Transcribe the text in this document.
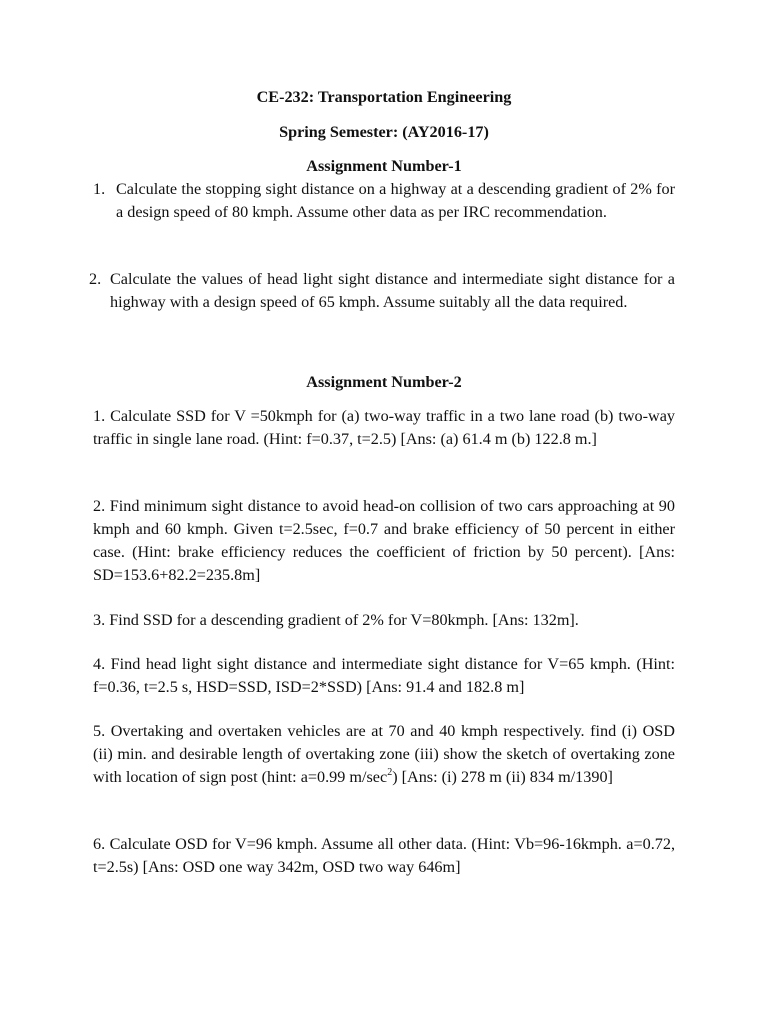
CE-232: Transportation Engineering
Spring Semester: (AY2016-17)
Assignment Number-1
1. Calculate the stopping sight distance on a highway at a descending gradient of 2% for a design speed of 80 kmph. Assume other data as per IRC recommendation.
2. Calculate the values of head light sight distance and intermediate sight distance for a highway with a design speed of 65 kmph. Assume suitably all the data required.
Assignment Number-2
1. Calculate SSD for V =50kmph for (a) two-way traffic in a two lane road (b) two-way traffic in single lane road. (Hint: f=0.37, t=2.5) [Ans: (a) 61.4 m (b) 122.8 m.]
2. Find minimum sight distance to avoid head-on collision of two cars approaching at 90 kmph and 60 kmph. Given t=2.5sec, f=0.7 and brake efficiency of 50 percent in either case. (Hint: brake efficiency reduces the coefficient of friction by 50 percent). [Ans: SD=153.6+82.2=235.8m]
3. Find SSD for a descending gradient of 2% for V=80kmph. [Ans: 132m].
4. Find head light sight distance and intermediate sight distance for V=65 kmph. (Hint: f=0.36, t=2.5 s, HSD=SSD, ISD=2*SSD) [Ans: 91.4 and 182.8 m]
5. Overtaking and overtaken vehicles are at 70 and 40 kmph respectively. find (i) OSD (ii) min. and desirable length of overtaking zone (iii) show the sketch of overtaking zone with location of sign post (hint: a=0.99 $m/\sec^2$) [Ans: (i) 278 m (ii) 834 m/1390]
6. Calculate OSD for V=96 kmph. Assume all other data. (Hint: Vb=96-16kmph. a=0.72, t=2.5s) [Ans: OSD one way 342m, OSD two way 646m]
